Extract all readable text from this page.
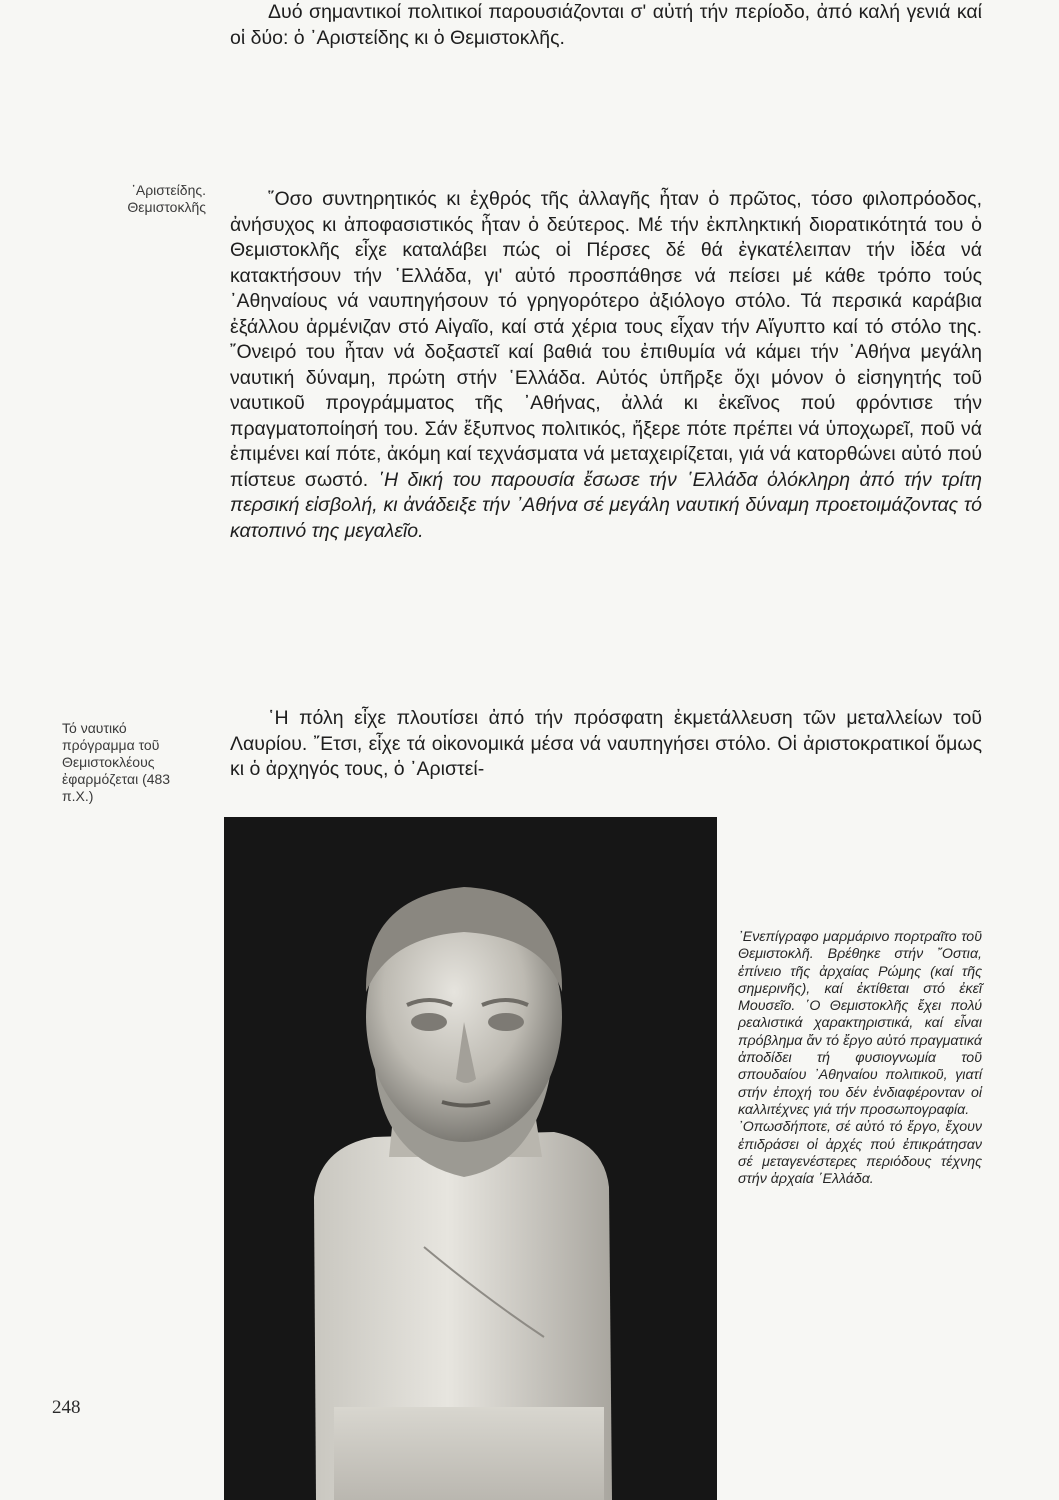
᾿Αριστείδης.
Θεμιστοκλῆς
Τό ναυτικό
πρόγραμμα τοῦ
Θεμιστοκλέους
ἐφαρμόζεται (483
π.Χ.)

Δυό σημαντικοί πολιτικοί παρουσιάζονται σ' αὐτή τήν περίοδο, ἀπό καλή γενιά καί οἱ δύο: ὁ ᾿Αριστείδης κι ὁ Θεμιστοκλῆς.

῞Οσο συντηρητικός κι ἐχθρός τῆς ἀλλαγῆς ἦταν ὁ πρῶτος, τόσο φιλοπρόοδος, ἀνήσυχος κι ἀποφασιστικός ἦταν ὁ δεύτερος. Μέ τήν ἐκπληκτική διορατικότητά του ὁ Θεμιστοκλῆς εἶχε καταλάβει πώς οἱ Πέρσες δέ θά ἐγκατέλειπαν τήν ἰδέα νά κατακτήσουν τήν ῾Ελλάδα, γι' αὐτό προσπάθησε νά πείσει μέ κάθε τρόπο τούς ᾿Αθηναίους νά ναυπηγήσουν τό γρηγορότερο ἀξιόλογο στόλο. Τά περσικά καράβια ἐξάλλου ἀρμένιζαν στό Αἰγαῖο, καί στά χέρια τους εἶχαν τήν Αἴγυπτο καί τό στόλο της. ῎Ονειρό του ἦταν νά δοξαστεῖ καί βαθιά του ἐπιθυμία νά κάμει τήν ᾿Αθήνα μεγάλη ναυτική δύναμη, πρώτη στήν ῾Ελλάδα. Αὐτός ὑπῆρξε ὄχι μόνον ὁ εἰσηγητής τοῦ ναυτικοῦ προγράμματος τῆς ᾿Αθήνας, ἀλλά κι ἐκεῖνος πού φρόντισε τήν πραγματοποίησή του. Σάν ἔξυπνος πολιτικός, ἤξερε πότε πρέπει νά ὑποχωρεῖ, ποῦ νά ἐπιμένει καί πότε, ἀκόμη καί τεχνάσματα νά μεταχειρίζεται, γιά νά κατορθώνει αὐτό πού πίστευε σωστό. ῾Η δική του παρουσία ἔσωσε τήν ῾Ελλάδα ὁλόκληρη ἀπό τήν τρίτη περσική εἰσβολή, κι ἀνάδειξε τήν ᾿Αθήνα σέ μεγάλη ναυτική δύναμη προετοιμάζοντας τό κατοπινό της μεγαλεῖο.

῾Η πόλη εἶχε πλουτίσει ἀπό τήν πρόσφατη ἐκμετάλλευση τῶν μεταλλείων τοῦ Λαυρίου. ῎Ετσι, εἶχε τά οἰκονομικά μέσα νά ναυπηγήσει στόλο. Οἱ ἀριστοκρατικοί ὅμως κι ὁ ἀρχηγός τους, ὁ ᾿Αριστεί-

᾿Ενεπίγραφο μαρμάρινο πορτραῖτο τοῦ Θεμιστοκλῆ. Βρέθηκε στήν ῎Οστια, ἐπίνειο τῆς ἀρχαίας Ρώμης (καί τῆς σημερινῆς), καί ἐκτίθεται στό ἐκεῖ Μουσεῖο. ῾Ο Θεμιστοκλῆς ἔχει πολύ ρεαλιστικά χαρακτηριστικά, καί εἶναι πρόβλημα ἄν τό ἔργο αὐτό πραγματικά ἀποδίδει τή φυσιογνωμία τοῦ σπουδαίου ᾿Αθηναίου πολιτικοῦ, γιατί στήν ἐποχή του δέν ἐνδιαφέρονταν οἱ καλλιτέχνες γιά τήν προσωπογραφία.

᾿Οπωσδήποτε, σέ αὐτό τό ἔργο, ἔχουν ἐπιδράσει οἱ ἀρχές πού ἐπικράτησαν σέ μεταγενέστερες περιόδους τέχνης στήν ἀρχαία ῾Ελλάδα.

248
